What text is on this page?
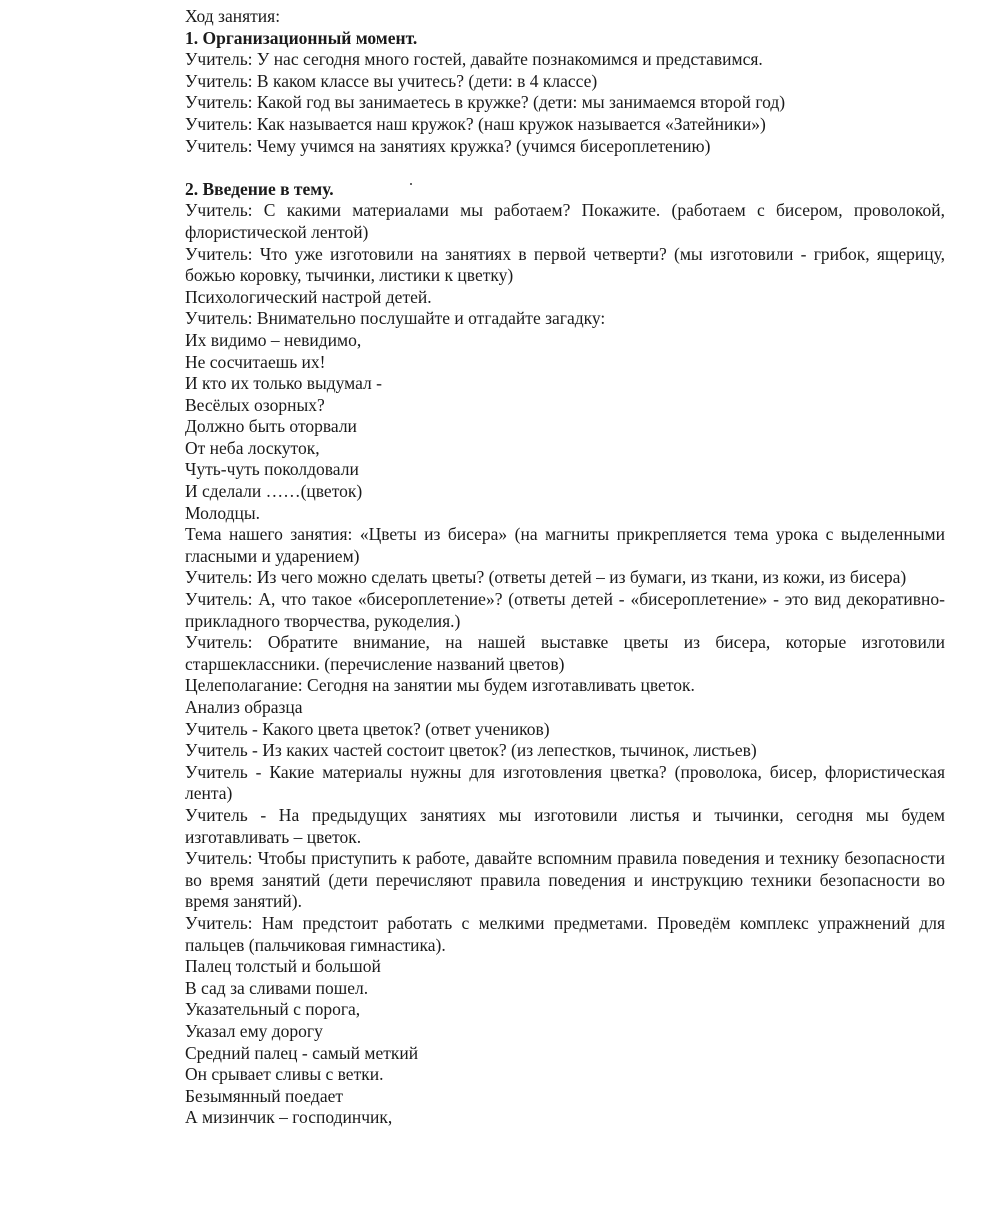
Ход занятия:

1. Организационный момент.

Учитель: У нас сегодня много гостей, давайте познакомимся и представимся.

Учитель: В каком классе вы учитесь? (дети: в 4 классе)

Учитель: Какой год вы занимаетесь в кружке? (дети: мы занимаемся второй год)

Учитель: Как называется наш кружок? (наш кружок называется «Затейники»)

Учитель: Чему учимся на занятиях кружка? (учимся бисероплетению)

2. Введение в тему.

Учитель: С какими материалами мы работаем? Покажите. (работаем с бисером, проволокой, флористической лентой)

Учитель: Что уже изготовили на занятиях в первой четверти? (мы изготовили - грибок, ящерицу, божью коровку, тычинки, листики к цветку)

Психологический настрой детей.

Учитель: Внимательно послушайте и отгадайте загадку:

Их видимо – невидимо,

Не сосчитаешь их!

И кто их только выдумал -

Весёлых озорных?

Должно быть оторвали

От неба лоскуток,

Чуть-чуть поколдовали

И сделали ……(цветок)

Молодцы.

Тема нашего занятия: «Цветы из бисера» (на магниты прикрепляется тема урока с выделенными гласными и ударением)

Учитель: Из чего можно сделать цветы? (ответы детей – из бумаги, из ткани, из кожи, из бисера)

Учитель: А, что такое «бисероплетение»? (ответы детей - «бисероплетение» - это вид декоративно-прикладного творчества, рукоделия.)

Учитель: Обратите внимание, на нашей выставке цветы из бисера, которые изготовили старшеклассники. (перечисление названий цветов)

Целеполагание: Сегодня на занятии мы будем изготавливать цветок.

Анализ образца

Учитель - Какого цвета цветок? (ответ учеников)

Учитель - Из каких частей состоит цветок? (из лепестков, тычинок, листьев)

Учитель - Какие материалы нужны для изготовления цветка? (проволока, бисер, флористическая лента)

Учитель - На предыдущих занятиях мы изготовили листья и тычинки, сегодня мы будем изготавливать – цветок.

Учитель: Чтобы приступить к работе, давайте вспомним правила поведения и технику безопасности во время занятий (дети перечисляют правила поведения и инструкцию техники безопасности во время занятий).

Учитель: Нам предстоит работать с мелкими предметами. Проведём комплекс упражнений для пальцев (пальчиковая гимнастика).

Палец толстый и большой

В сад за сливами пошел.

Указательный с порога,

Указал ему дорогу

Средний палец - самый меткий

Он срывает сливы с ветки.

Безымянный поедает

А мизинчик – господинчик,
